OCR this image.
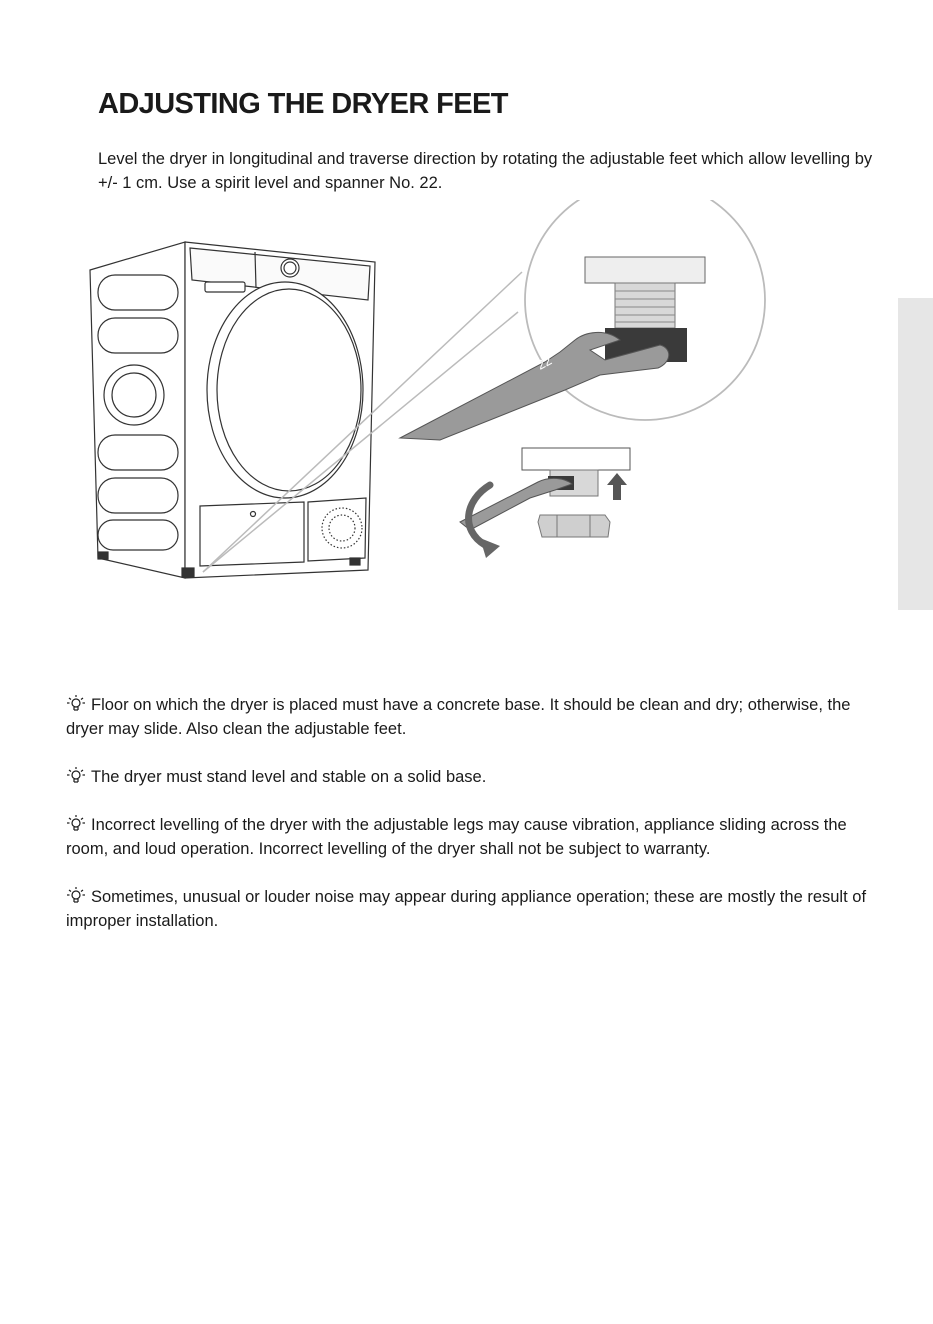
ADJUSTING THE DRYER FEET

Level the dryer in longitudinal and traverse direction by rotating the adjustable feet which allow levelling by +/- 1 cm. Use a spirit level and spanner No. 22.

22

Floor on which the dryer is placed must have a concrete base. It should be clean and dry; otherwise, the dryer may slide. Also clean the adjustable feet.

The dryer must stand level and stable on a solid base.

Incorrect levelling of the dryer with the adjustable legs may cause vibration, appliance sliding across the room, and loud operation. Incorrect levelling of the dryer shall not be subject to warranty.

Sometimes, unusual or louder noise may appear during appliance operation; these are mostly the result of improper installation.
